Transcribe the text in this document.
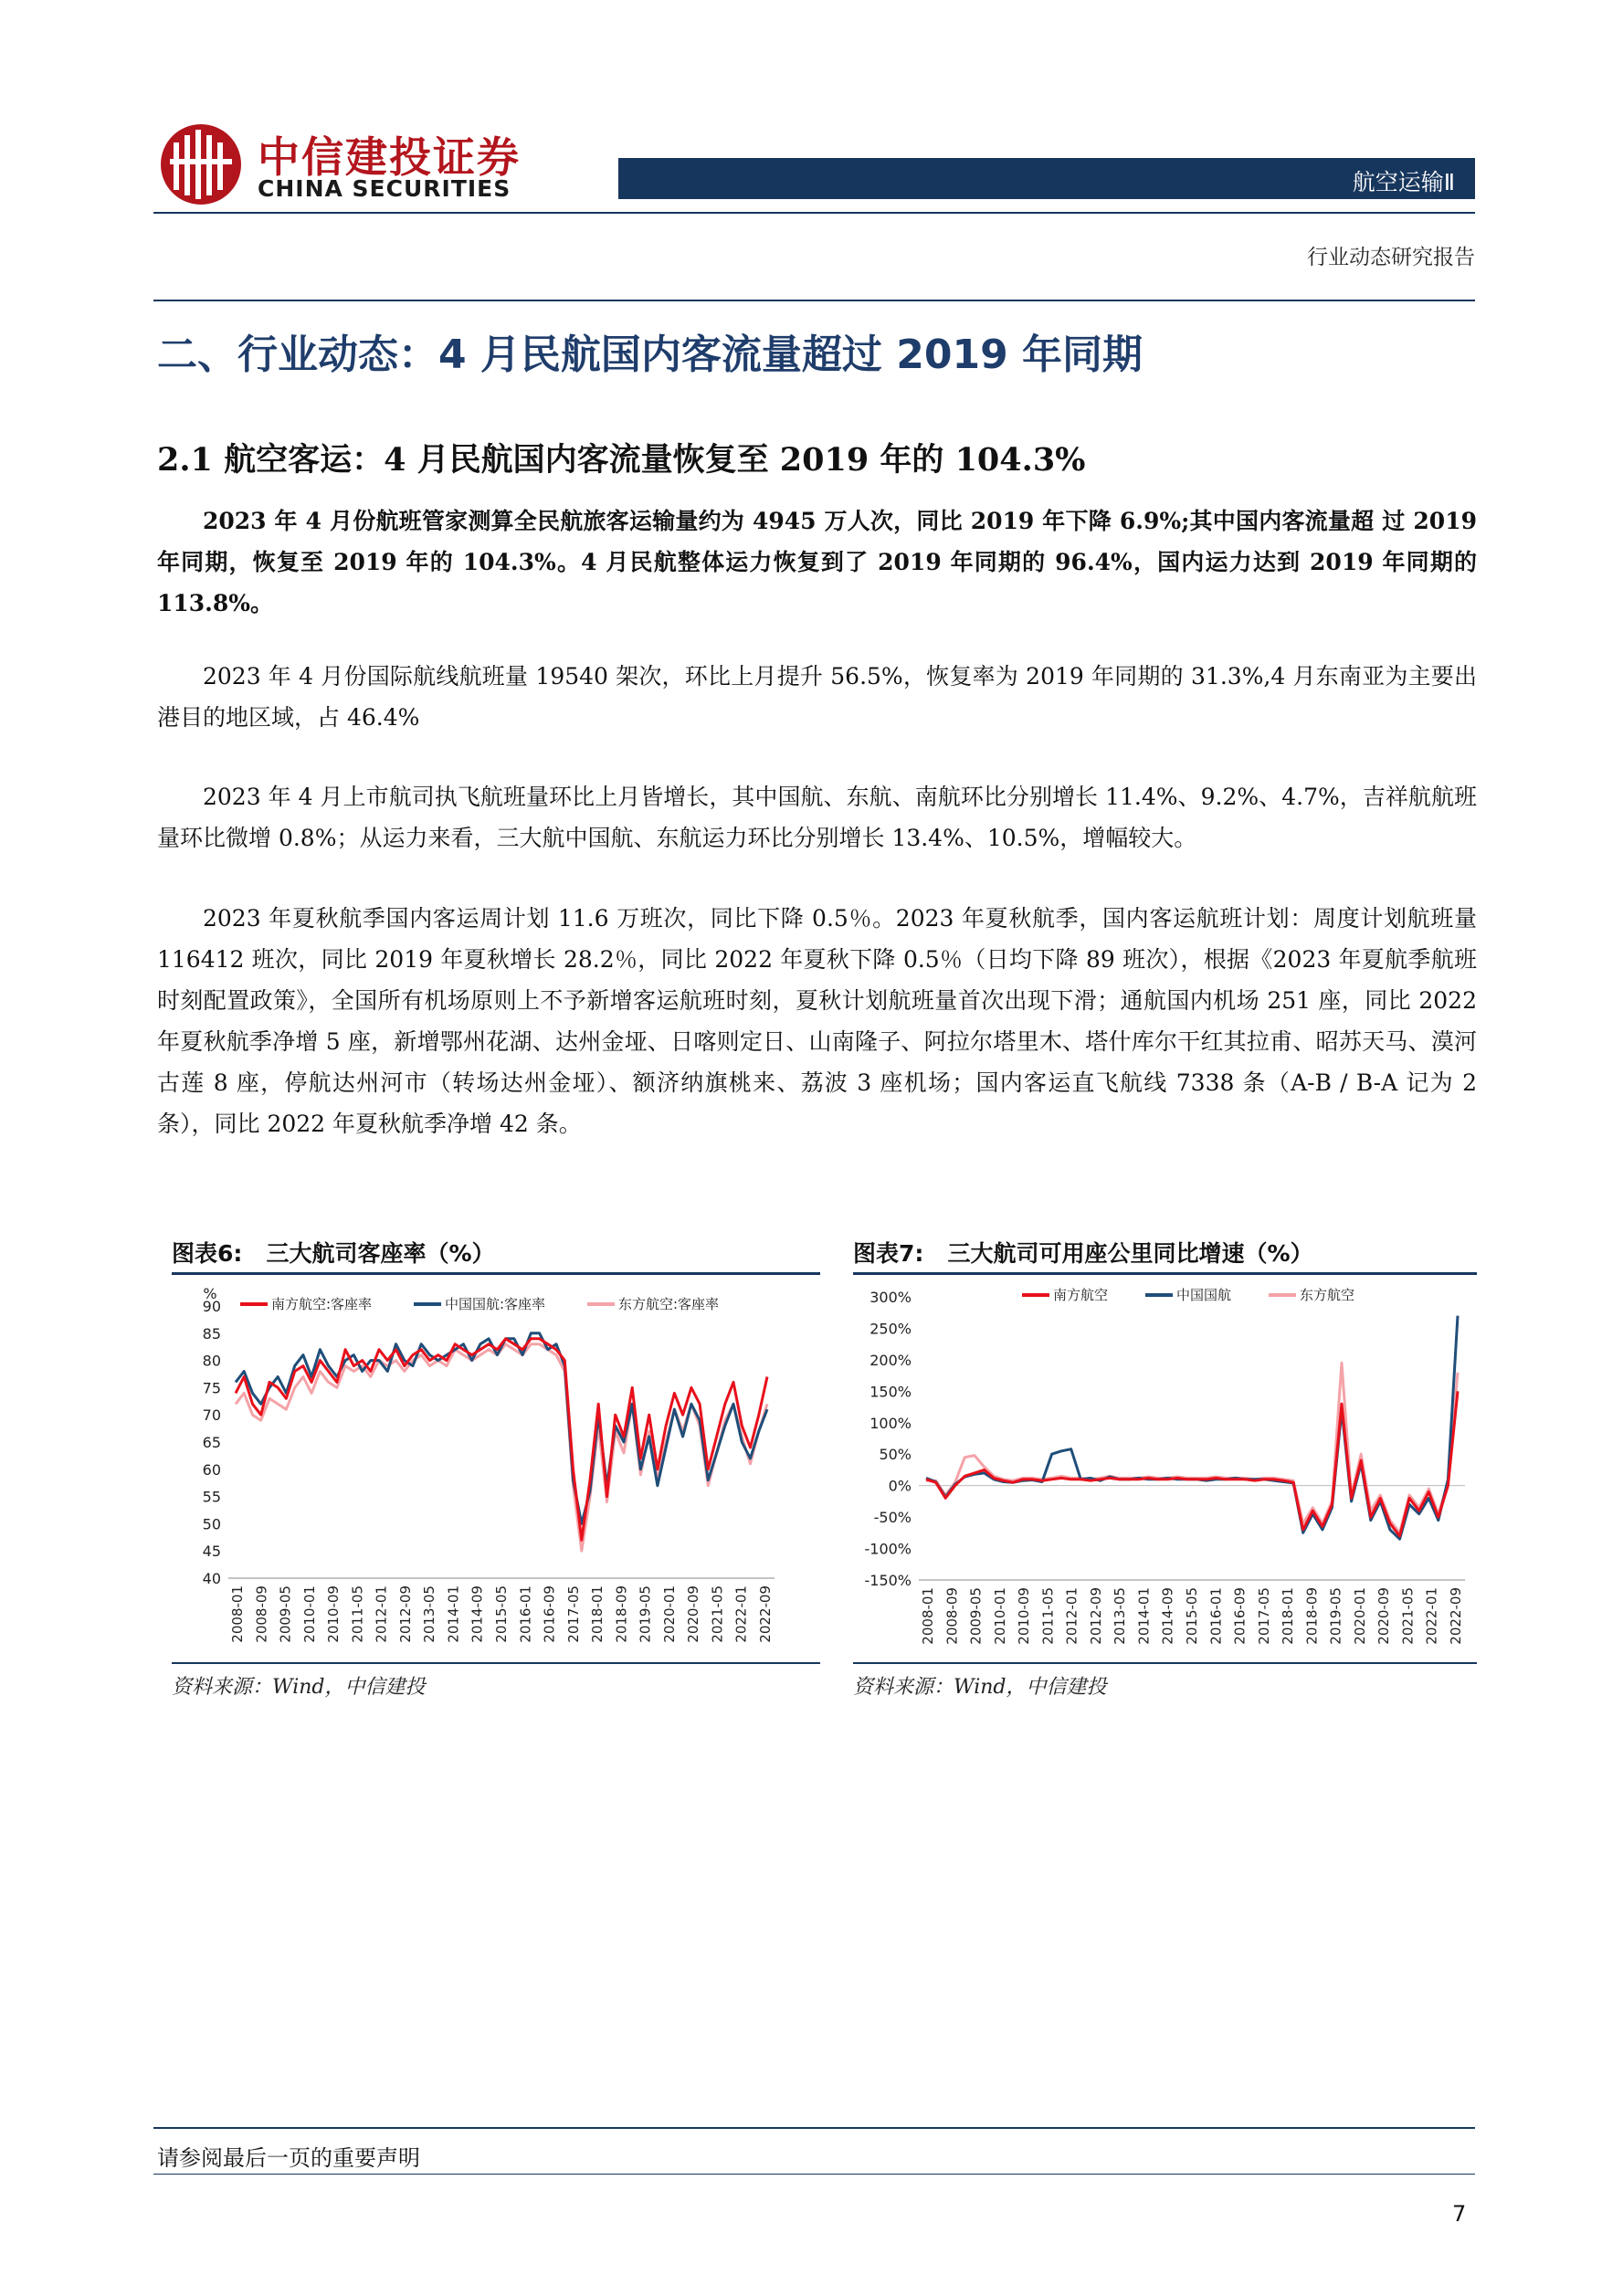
中信建投证券
CHINA SECURITIES	航空运输Ⅱ
行业动态研究报告
二、行业动态：4 月民航国内客流量超过 2019 年同期
2.1 航空客运：4 月民航国内客流量恢复至 2019 年的 104.3%
2023 年 4 月份航班管家测算全民航旅客运输量约为 4945 万人次，同比 2019 年下降 6.9%;其中国内客流量超 过 2019 年同期，恢复至 2019 年的 104.3%。4 月民航整体运力恢复到了 2019 年同期的 96.4%，国内运力达到 2019 年同期的 113.8%。
2023 年 4 月份国际航线航班量 19540 架次，环比上月提升 56.5%，恢复率为 2019 年同期的 31.3%,4 月东南亚为主要出港目的地区域，占 46.4%
2023 年 4 月上市航司执飞航班量环比上月皆增长，其中国航、东航、南航环比分别增长 11.4%、9.2%、4.7%，吉祥航航班量环比微增 0.8%；从运力来看，三大航中国航、东航运力环比分别增长 13.4%、10.5%，增幅较大。
2023 年夏秋航季国内客运周计划 11.6 万班次，同比下降 0.5％。2023 年夏秋航季，国内客运航班计划：周度计划航班量 116412 班次，同比 2019 年夏秋增长 28.2％，同比 2022 年夏秋下降 0.5％（日均下降 89 班次），根据《2023 年夏航季航班时刻配置政策》，全国所有机场原则上不予新增客运航班时刻，夏秋计划航班量首次出现下滑；通航国内机场 251 座，同比 2022 年夏秋航季净增 5 座，新增鄂州花湖、达州金垭、日喀则定日、山南隆子、阿拉尔塔里木、塔什库尔干红其拉甫、昭苏天马、漠河古莲 8 座，停航达州河市（转场达州金垭）、额济纳旗桃来、荔波 3 座机场；国内客运直飞航线 7338 条（A-B / B-A 记为 2 条），同比 2022 年夏秋航季净增 42 条。
图表6: 三大航司客座率（%）
40
45
50
55
60
65
70
75
80
85
90
%
2008-01 2008-09 2009-05 2010-01 2010-09 2011-05 2012-01 2012-09 2013-05 2014-01 2014-09 2015-05 2016-01 2016-09 2017-05 2018-01 2018-09 2019-05 2020-01 2020-09 2021-05 2022-01 2022-09
南方航空:客座率	中国国航:客座率	东方航空:客座率
资料来源：Wind，中信建投
图表7: 三大航司可用座公里同比增速（%）
-150%
-100%
-50%
0%
50%
100%
150%
200%
250%
300%
2008-01 2008-09 2009-05 2010-01 2010-09 2011-05 2012-01 2012-09 2013-05 2014-01 2014-09 2015-05 2016-01 2016-09 2017-05 2018-01 2018-09 2019-05 2020-01 2020-09 2021-05 2022-01 2022-09
南方航空	中国国航	东方航空
资料来源：Wind，中信建投
请参阅最后一页的重要声明
7
